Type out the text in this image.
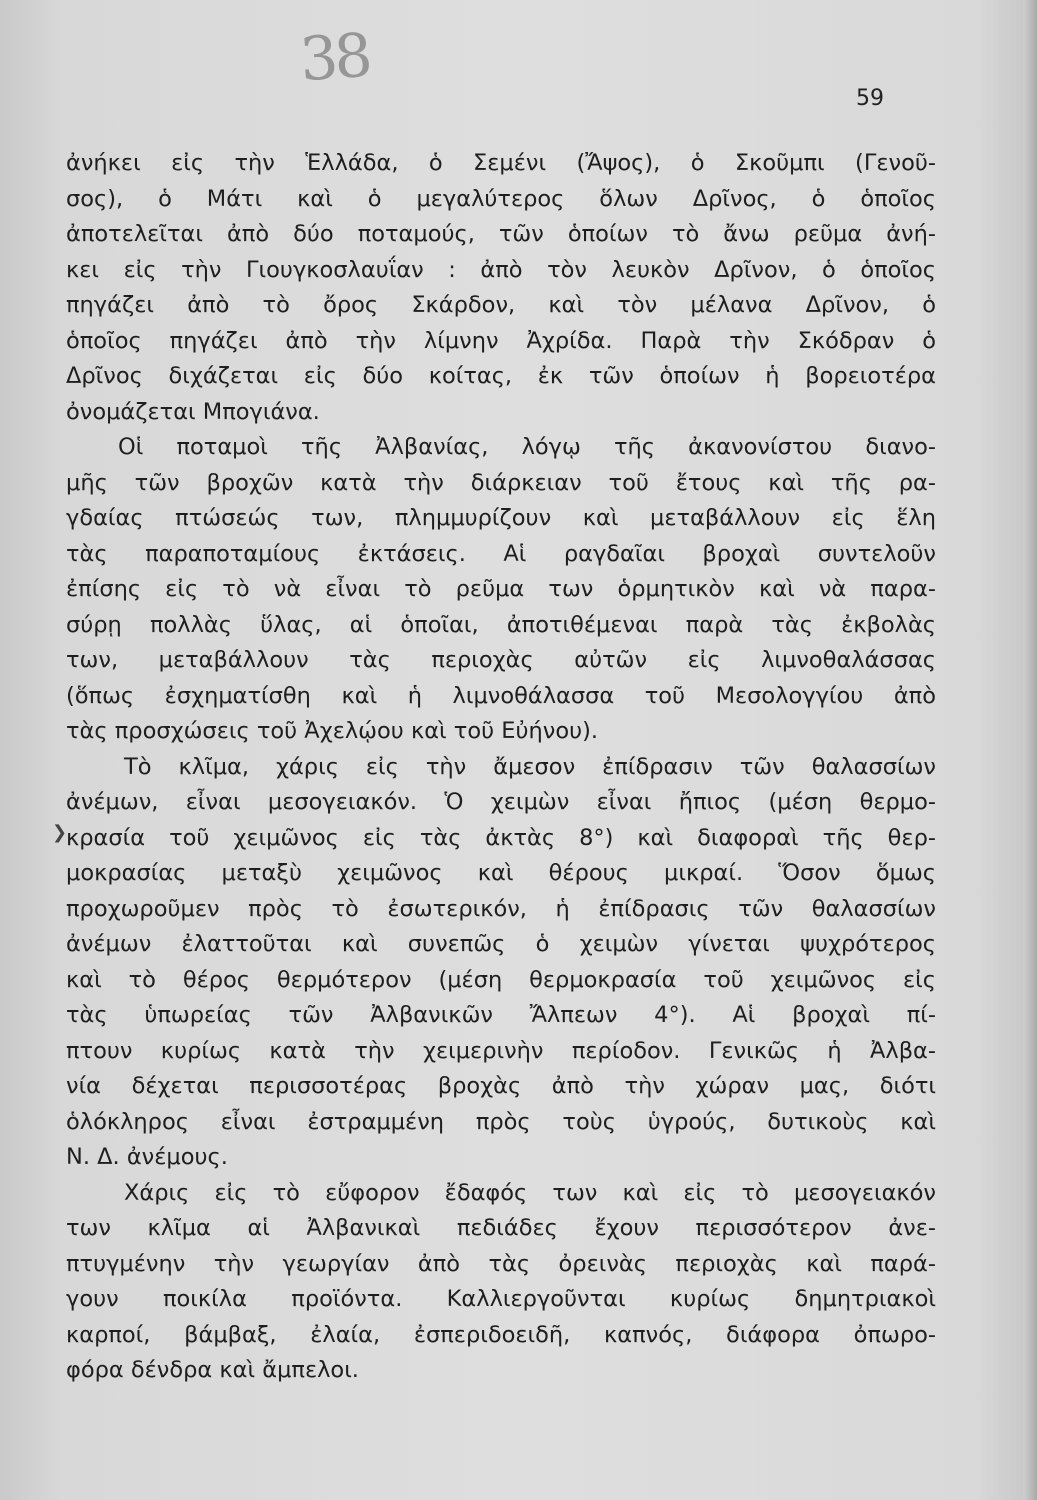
38
59
❯
ἀνήκει εἰς τὴν Ἑλλάδα, ὁ Σεμένι (Ἄψος), ὁ Σκοῦμπι (Γενοῦ-
σος), ὁ Μάτι καὶ ὁ μεγαλύτερος ὅλων Δρῖνος, ὁ ὁποῖος
ἀποτελεῖται ἀπὸ δύο ποταμούς, τῶν ὁποίων τὸ ἄνω ρεῦμα ἀνή-
κει εἰς τὴν Γιουγκοσλαυΐαν : ἀπὸ τὸν λευκὸν Δρῖνον, ὁ ὁποῖος
πηγάζει ἀπὸ τὸ ὄρος Σκάρδον, καὶ τὸν μέλανα Δρῖνον, ὁ
ὁποῖος πηγάζει ἀπὸ τὴν λίμνην Ἀχρίδα. Παρὰ τὴν Σκόδραν ὁ
Δρῖνος διχάζεται εἰς δύο κοίτας, ἐκ τῶν ὁποίων ἡ βορειοτέρα
ὀνομάζεται Μπογιάνα.
Οἱ ποταμοὶ τῆς Ἀλβανίας, λόγῳ τῆς ἀκανονίστου διανο-
μῆς τῶν βροχῶν κατὰ τὴν διάρκειαν τοῦ ἔτους καὶ τῆς ρα-
γδαίας πτώσεώς των, πλημμυρίζουν καὶ μεταβάλλουν εἰς ἕλη
τὰς παραποταμίους ἐκτάσεις. Αἱ ραγδαῖαι βροχαὶ συντελοῦν
ἐπίσης εἰς τὸ νὰ εἶναι τὸ ρεῦμα των ὁρμητικὸν καὶ νὰ παρα-
σύρῃ πολλὰς ὕλας, αἱ ὁποῖαι, ἀποτιθέμεναι παρὰ τὰς ἐκβολὰς
των, μεταβάλλουν τὰς περιοχὰς αὐτῶν εἰς λιμνοθαλάσσας
(ὅπως ἐσχηματίσθη καὶ ἡ λιμνοθάλασσα τοῦ Μεσολογγίου ἀπὸ
τὰς προσχώσεις τοῦ Ἀχελῴου καὶ τοῦ Εὐήνου).
Τὸ κλῖμα, χάρις εἰς τὴν ἄμεσον ἐπίδρασιν τῶν θαλασσίων
ἀνέμων, εἶναι μεσογειακόν. Ὁ χειμὼν εἶναι ἤπιος (μέση θερμο-
κρασία τοῦ χειμῶνος εἰς τὰς ἀκτὰς 8°) καὶ διαφοραὶ τῆς θερ-
μοκρασίας μεταξὺ χειμῶνος καὶ θέρους μικραί. Ὅσον ὅμως
προχωροῦμεν πρὸς τὸ ἐσωτερικόν, ἡ ἐπίδρασις τῶν θαλασσίων
ἀνέμων ἐλαττοῦται καὶ συνεπῶς ὁ χειμὼν γίνεται ψυχρότερος
καὶ τὸ θέρος θερμότερον (μέση θερμοκρασία τοῦ χειμῶνος εἰς
τὰς ὑπωρείας τῶν Ἀλβανικῶν Ἄλπεων 4°). Αἱ βροχαὶ πί-
πτουν κυρίως κατὰ τὴν χειμερινὴν περίοδον. Γενικῶς ἡ Ἀλβα-
νία δέχεται περισσοτέρας βροχὰς ἀπὸ τὴν χώραν μας, διότι
ὁλόκληρος εἶναι ἐστραμμένη πρὸς τοὺς ὑγρούς, δυτικοὺς καὶ
Ν. Δ. ἀνέμους.
Χάρις εἰς τὸ εὔφορον ἔδαφός των καὶ εἰς τὸ μεσογειακόν
των κλῖμα αἱ Ἀλβανικαὶ πεδιάδες ἔχουν περισσότερον ἀνε-
πτυγμένην τὴν γεωργίαν ἀπὸ τὰς ὀρεινὰς περιοχὰς καὶ παρά-
γουν ποικίλα προϊόντα. Καλλιεργοῦνται κυρίως δημητριακοὶ
καρποί, βάμβαξ, ἐλαία, ἐσπεριδοειδῆ, καπνός, διάφορα ὀπωρο-
φόρα δένδρα καὶ ἄμπελοι.
